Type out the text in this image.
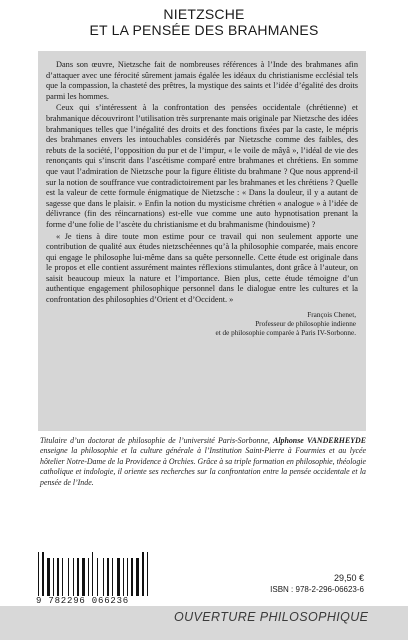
NIETZSCHE
ET LA PENSÉE DES BRAHMANES

Dans son œuvre, Nietzsche fait de nombreuses références à l’Inde des brahmanes afin d’attaquer avec une férocité sûrement jamais égalée les idéaux du christianisme ecclésial tels que la compassion, la chasteté des prêtres, la mystique des saints et l’idée d’égalité des droits parmi les hommes.

Ceux qui s’intéressent à la confrontation des pensées occidentale (chrétienne) et brahmanique découvriront l’utilisation très surprenante mais originale par Nietzsche des idées brahmaniques telles que l’inégalité des droits et des fonctions fixées par la caste, le mépris des brahmanes envers les intouchables considérés par Nietzsche comme des faibles, des rebuts de la société, l’opposition du pur et de l’impur, « le voile de mâyâ », l’idéal de vie des renonçants qui s’inscrit dans l’ascétisme comparé entre brahmanes et chrétiens. En somme que vaut l’admiration de Nietzsche pour la figure élitiste du brahmane ? Que nous apprend-il sur la notion de souffrance vue contradictoirement par les brahmanes et les chrétiens ? Quelle est la valeur de cette formule énigmatique de Nietzsche : « Dans la douleur, il y a autant de sagesse que dans le plaisir. » Enfin la notion du mysticisme chrétien « analogue » à l’idée de délivrance (fin des réincarnations) est-elle vue comme une auto hypnotisation prenant la forme d’une folie de l’ascète du christianisme et du brahmanisme (hindouisme) ?

« Je tiens à dire toute mon estime pour ce travail qui non seulement apporte une contribution de qualité aux études nietzschéennes qu’à la philosophie comparée, mais encore qui engage le philosophe lui-même dans sa quête personnelle. Cette étude est originale dans le propos et elle contient assurément maintes réflexions stimulantes, dont grâce à l’auteur, on saisit beaucoup mieux la nature et l’importance. Bien plus, cette étude témoigne d’un authentique engagement philosophique personnel dans le dialogue entre les cultures et la confrontation des philosophies d’Orient et d’Occident. »

François Chenet,
Professeur de philosophie indienne
et de philosophie comparée à Paris IV-Sorbonne.

Titulaire d’un doctorat de philosophie de l’université Paris-Sorbonne, Alphonse VANDERHEYDE enseigne la philosophie et la culture générale à l’Institution Saint-Pierre à Fourmies et au lycée hôtelier Notre-Dame de la Providence à Orchies. Grâce à sa triple formation en philosophie, théologie catholique et indologie, il oriente ses recherches sur la confrontation entre la pensée occidentale et la pensée de l’Inde.
9 782296 066236
29,50 €
ISBN : 978-2-296-06623-6
OUVERTURE PHILOSOPHIQUE
